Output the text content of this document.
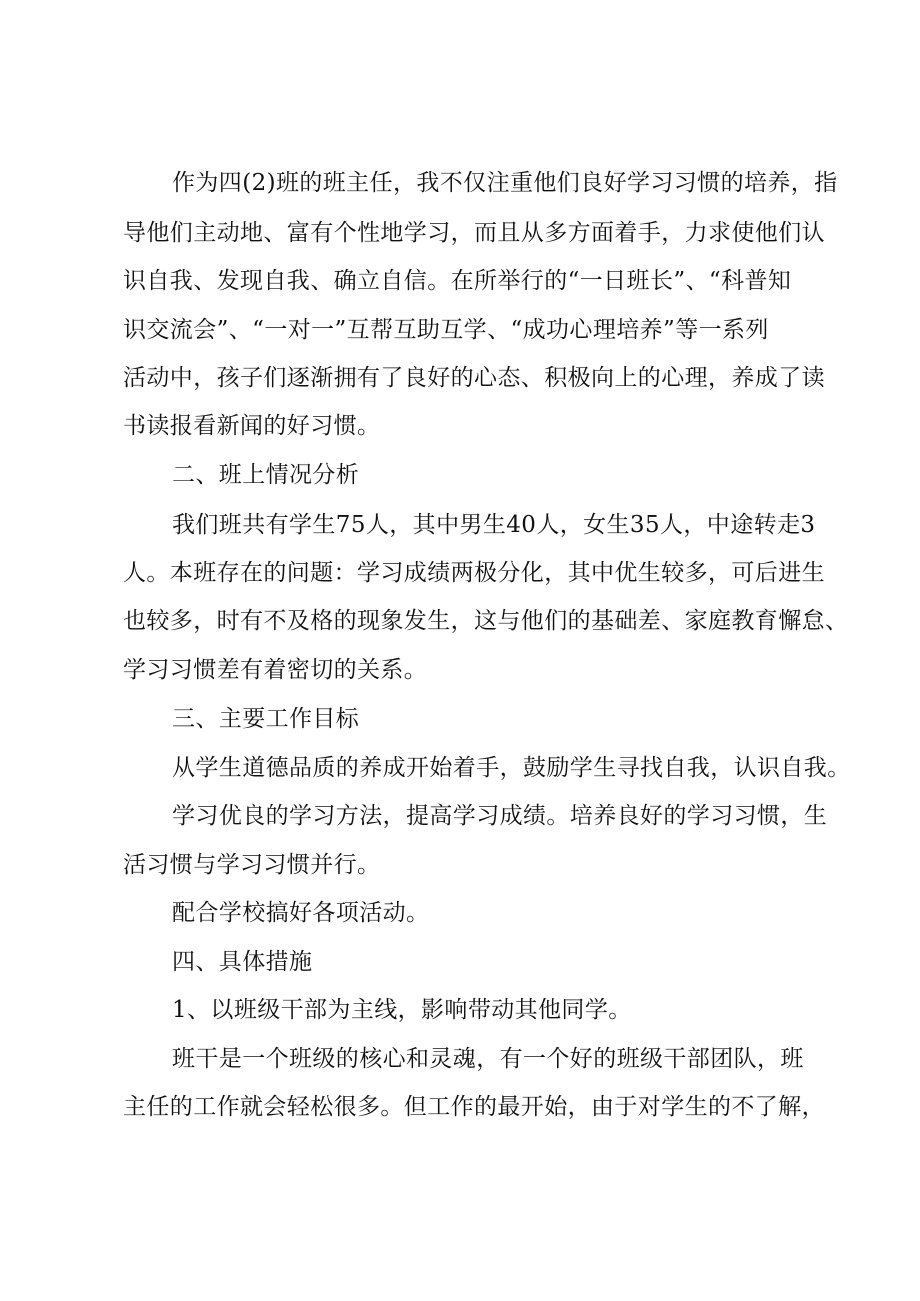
作为四(2)班的班主任，我不仅注重他们良好学习习惯的培养，指
导他们主动地、富有个性地学习，而且从多方面着手，力求使他们认
识自我、发现自我、确立自信。在所举行的“一日班长”、“科普知
识交流会”、“一对一”互帮互助互学、“成功心理培养”等一系列
活动中，孩子们逐渐拥有了良好的心态、积极向上的心理，养成了读
书读报看新闻的好习惯。
二、班上情况分析
我们班共有学生75人，其中男生40人，女生35人，中途转走3
人。本班存在的问题：学习成绩两极分化，其中优生较多，可后进生
也较多，时有不及格的现象发生，这与他们的基础差、家庭教育懈怠、
学习习惯差有着密切的关系。
三、主要工作目标
从学生道德品质的养成开始着手，鼓励学生寻找自我，认识自我。
学习优良的学习方法，提高学习成绩。培养良好的学习习惯，生
活习惯与学习习惯并行。
配合学校搞好各项活动。
四、具体措施
1、以班级干部为主线，影响带动其他同学。
班干是一个班级的核心和灵魂，有一个好的班级干部团队，班
主任的工作就会轻松很多。但工作的最开始，由于对学生的不了解，
